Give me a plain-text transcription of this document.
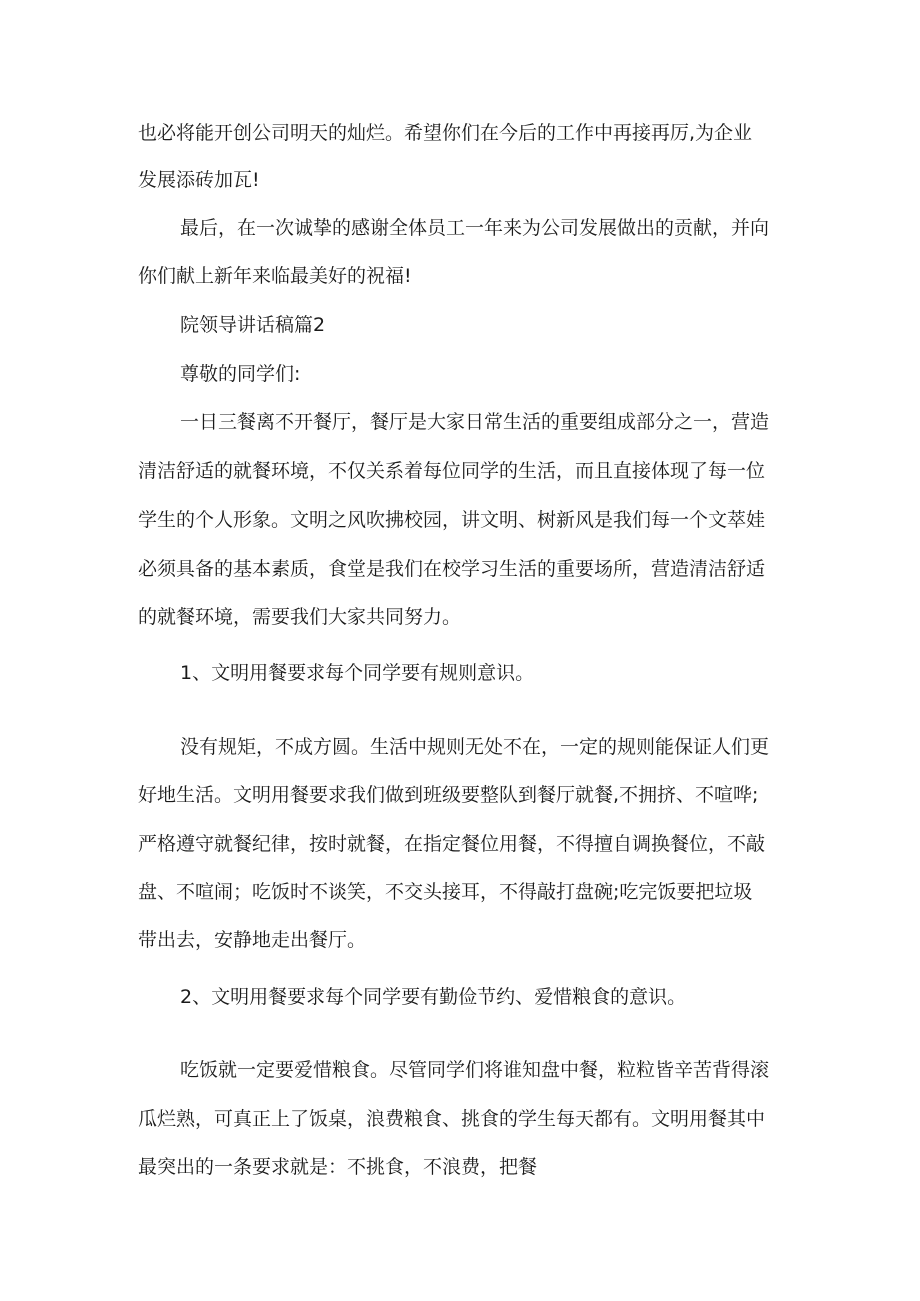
也必将能开创公司明天的灿烂。希望你们在今后的工作中再接再厉,为企业

发展添砖加瓦!

最后，在一次诚挚的感谢全体员工一年来为公司发展做出的贡献，并向

你们献上新年来临最美好的祝福!

院领导讲话稿篇2

尊敬的同学们:

一日三餐离不开餐厅，餐厅是大家日常生活的重要组成部分之一，营造

清洁舒适的就餐环境，不仅关系着每位同学的生活，而且直接体现了每一位

学生的个人形象。文明之风吹拂校园，讲文明、树新风是我们每一个文萃娃

必须具备的基本素质，食堂是我们在校学习生活的重要场所，营造清洁舒适

的就餐环境，需要我们大家共同努力。

1、文明用餐要求每个同学要有规则意识。

没有规矩，不成方圆。生活中规则无处不在，一定的规则能保证人们更

好地生活。文明用餐要求我们做到班级要整队到餐厅就餐,不拥挤、不喧哗;

严格遵守就餐纪律，按时就餐，在指定餐位用餐，不得擅自调换餐位，不敲

盘、不喧闹；吃饭时不谈笑，不交头接耳，不得敲打盘碗;吃完饭要把垃圾

带出去，安静地走出餐厅。

2、文明用餐要求每个同学要有勤俭节约、爱惜粮食的意识。

吃饭就一定要爱惜粮食。尽管同学们将谁知盘中餐，粒粒皆辛苦背得滚

瓜烂熟，可真正上了饭桌，浪费粮食、挑食的学生每天都有。文明用餐其中

最突出的一条要求就是：不挑食，不浪费，把餐
